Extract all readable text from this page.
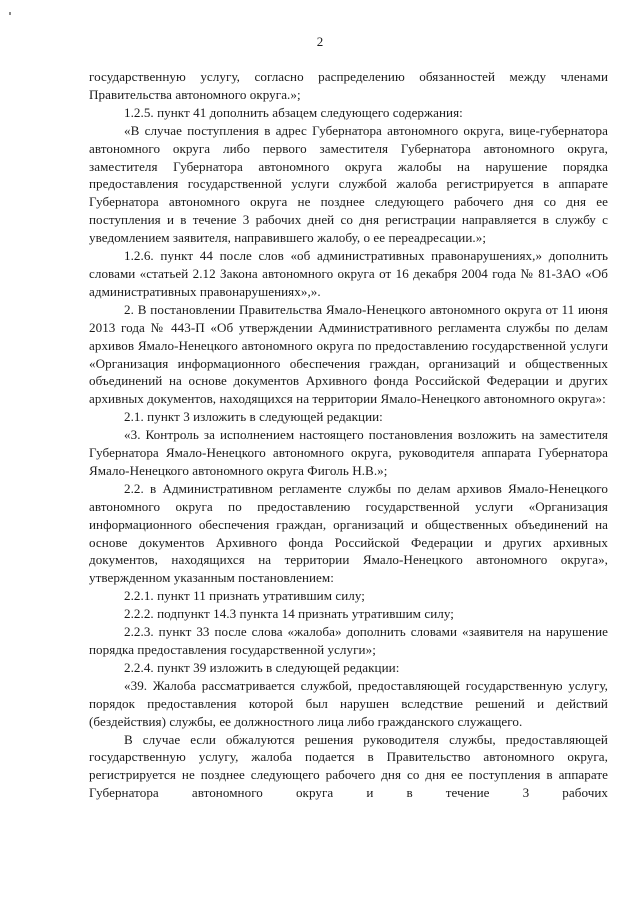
2

государственную услугу, согласно распределению обязанностей между членами Правительства автономного округа.»;

1.2.5. пункт 41 дополнить абзацем следующего содержания:

«В случае поступления в адрес Губернатора автономного округа, вице-губернатора автономного округа либо первого заместителя Губернатора автономного округа, заместителя Губернатора автономного округа жалобы на нарушение порядка предоставления государственной услуги службой жалоба регистрируется в аппарате Губернатора автономного округа не позднее следующего рабочего дня со дня ее поступления и в течение 3 рабочих дней со дня регистрации направляется в службу с уведомлением заявителя, направившего жалобу, о ее переадресации.»;

1.2.6. пункт 44 после слов «об административных правонарушениях,» дополнить словами «статьей 2.12 Закона автономного округа от 16 декабря 2004 года № 81-ЗАО «Об административных правонарушениях»,».

2. В постановлении Правительства Ямало-Ненецкого автономного округа от 11 июня 2013 года № 443-П «Об утверждении Административного регламента службы по делам архивов Ямало-Ненецкого автономного округа по предоставлению государственной услуги «Организация информационного обеспечения граждан, организаций и общественных объединений на основе документов Архивного фонда Российской Федерации и других архивных документов, находящихся на территории Ямало-Ненецкого автономного округа»:

2.1. пункт 3 изложить в следующей редакции:

«3. Контроль за исполнением настоящего постановления возложить на заместителя Губернатора Ямало-Ненецкого автономного округа, руководителя аппарата Губернатора Ямало-Ненецкого автономного округа Фиголь Н.В.»;

2.2. в Административном регламенте службы по делам архивов Ямало-Ненецкого автономного округа по предоставлению государственной услуги «Организация информационного обеспечения граждан, организаций и общественных объединений на основе документов Архивного фонда Российской Федерации и других архивных документов, находящихся на территории Ямало-Ненецкого автономного округа», утвержденном указанным постановлением:

2.2.1. пункт 11 признать утратившим силу;

2.2.2. подпункт 14.3 пункта 14 признать утратившим силу;

2.2.3. пункт 33 после слова «жалоба» дополнить словами «заявителя на нарушение порядка предоставления государственной услуги»;

2.2.4. пункт 39 изложить в следующей редакции:

«39. Жалоба рассматривается службой, предоставляющей государственную услугу, порядок предоставления которой был нарушен вследствие решений и действий (бездействия) службы, ее должностного лица либо гражданского служащего.

В случае если обжалуются решения руководителя службы, предоставляющей государственную услугу, жалоба подается в Правительство автономного округа, регистрируется не позднее следующего рабочего дня со дня ее поступления в аппарате Губернатора автономного округа и в течение 3 рабочих
